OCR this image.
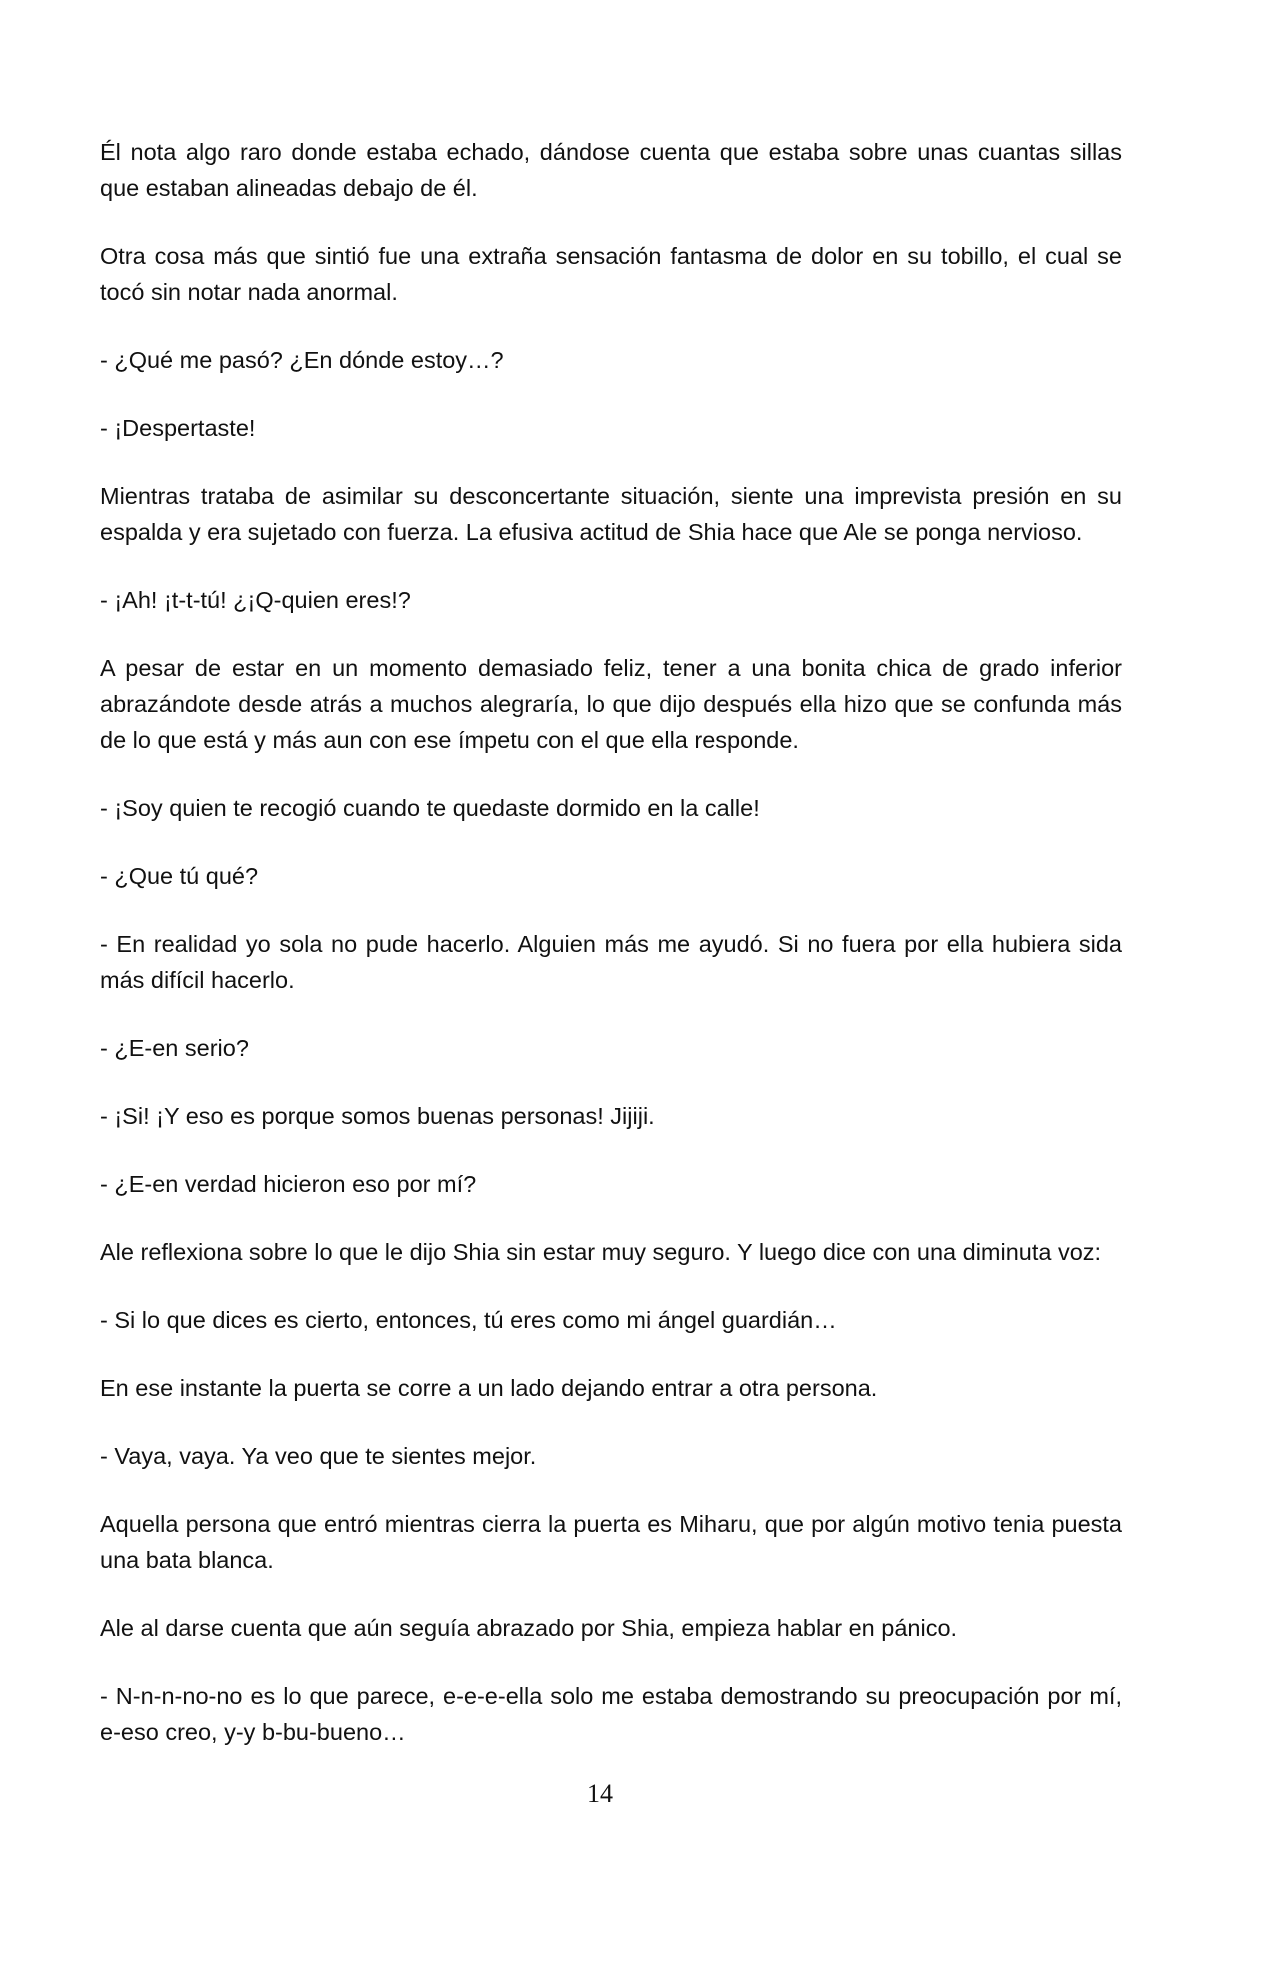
Él nota algo raro donde estaba echado, dándose cuenta que estaba sobre unas cuantas sillas que estaban alineadas debajo de él.

Otra cosa más que sintió fue una extraña sensación fantasma de dolor en su tobillo, el cual se tocó sin notar nada anormal.

- ¿Qué me pasó? ¿En dónde estoy…?

- ¡Despertaste!

Mientras trataba de asimilar su desconcertante situación, siente una imprevista presión en su espalda y era sujetado con fuerza. La efusiva actitud de Shia hace que Ale se ponga nervioso.

- ¡Ah! ¡t-t-tú! ¿¡Q-quien eres!?

A pesar de estar en un momento demasiado feliz, tener a una bonita chica de grado inferior abrazándote desde atrás a muchos alegraría, lo que dijo después ella hizo que se confunda más de lo que está y más aun con ese ímpetu con el que ella responde.

- ¡Soy quien te recogió cuando te quedaste dormido en la calle!

- ¿Que tú qué?

- En realidad yo sola no pude hacerlo. Alguien más me ayudó. Si no fuera por ella hubiera sida más difícil hacerlo.

- ¿E-en serio?

- ¡Si! ¡Y eso es porque somos buenas personas! Jijiji.

- ¿E-en verdad hicieron eso por mí?

Ale reflexiona sobre lo que le dijo Shia sin estar muy seguro. Y luego dice con una diminuta voz:

- Si lo que dices es cierto, entonces, tú eres como mi ángel guardián…

En ese instante la puerta se corre a un lado dejando entrar a otra persona.

- Vaya, vaya. Ya veo que te sientes mejor.

Aquella persona que entró mientras cierra la puerta es Miharu, que por algún motivo tenia puesta una bata blanca.

Ale al darse cuenta que aún seguía abrazado por Shia, empieza hablar en pánico.

- N-n-n-no-no es lo que parece, e-e-e-ella solo me estaba demostrando su preocupación por mí, e-eso creo, y-y b-bu-bueno…

14
